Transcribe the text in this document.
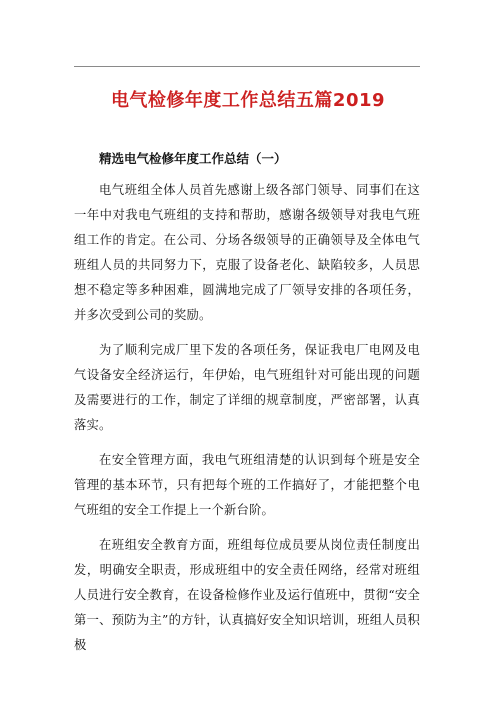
电气检修年度工作总结五篇2019
精选电气检修年度工作总结（一）

电气班组全体人员首先感谢上级各部门领导、同事们在这一年中对我电气班组的支持和帮助，感谢各级领导对我电气班组工作的肯定。在公司、分场各级领导的正确领导及全体电气班组人员的共同努力下，克服了设备老化、缺陷较多，人员思想不稳定等多种困难，圆满地完成了厂领导安排的各项任务，并多次受到公司的奖励。

为了顺利完成厂里下发的各项任务，保证我电厂电网及电气设备安全经济运行，年伊始，电气班组针对可能出现的问题及需要进行的工作，制定了详细的规章制度，严密部署，认真落实。

在安全管理方面，我电气班组清楚的认识到每个班是安全管理的基本环节，只有把每个班的工作搞好了，才能把整个电气班组的安全工作提上一个新台阶。

在班组安全教育方面，班组每位成员要从岗位责任制度出发，明确安全职责，形成班组中的安全责任网络，经常对班组人员进行安全教育，在设备检修作业及运行值班中，贯彻“安全第一、预防为主”的方针，认真搞好安全知识培训，班组人员积极
